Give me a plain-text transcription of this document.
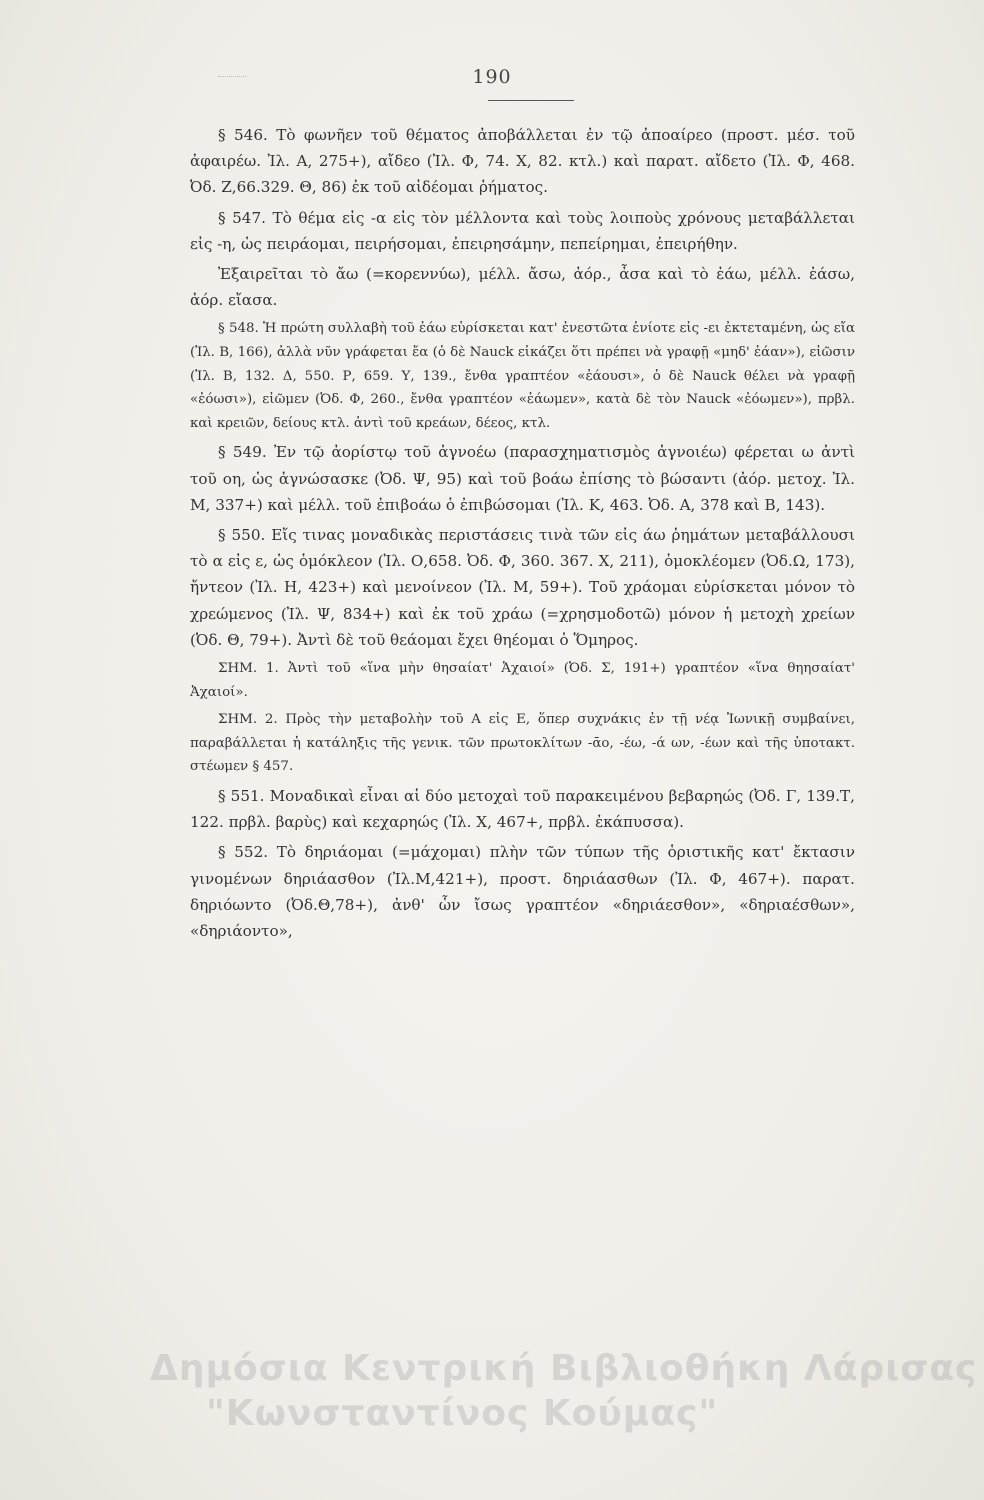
190

§ 546. Τὸ φωνῆεν τοῦ θέματος ἀποβάλλεται ἐν τῷ ἀποαίρεο (προστ. μέσ. τοῦ ἀφαιρέω. Ἰλ. Α, 275+), αἴδεο (Ἰλ. Φ, 74. Χ, 82. κτλ.) καὶ παρατ. αἴδετο (Ἰλ. Φ, 468. Ὀδ. Ζ,66.329. Θ, 86) ἐκ τοῦ αἰδέομαι ῥήματος.

§ 547. Τὸ θέμα εἰς -α εἰς τὸν μέλλοντα καὶ τοὺς λοιποὺς χρόνους μεταβάλλεται εἰς -η, ὡς πειράομαι, πειρήσομαι, ἐπειρησάμην, πεπείρημαι, ἐπειρήθην.

Ἐξαιρεῖται τὸ ἄω (=κορεννύω), μέλλ. ἄσω, ἀόρ., ἆσα καὶ τὸ ἐάω, μέλλ. ἐάσω, ἀόρ. εἴασα.

§ 548. Ἡ πρώτη συλλαβὴ τοῦ ἐάω εὑρίσκεται κατ' ἐνεστῶτα ἐνίοτε εἰς -ει ἐκτεταμένη, ὡς εἴα (Ἰλ. Β, 166), ἀλλὰ νῦν γράφεται ἔα (ὁ δὲ Nauck εἰκάζει ὅτι πρέπει νὰ γραφῇ «μηδ' ἐάαν»), εἰῶσιν (Ἰλ. Β, 132. Δ, 550. Ρ, 659. Υ, 139., ἔνθα γραπτέον «ἐάουσι», ὁ δὲ Nauck θέλει νὰ γραφῇ «ἐόωσι»), εἰῶμεν (Ὀδ. Φ, 260., ἔνθα γραπτέον «ἐάωμεν», κατὰ δὲ τὸν Nauck «ἐόωμεν»), πρβλ. καὶ κρειῶν, δείους κτλ. ἀντὶ τοῦ κρεάων, δέεος, κτλ.

§ 549. Ἐν τῷ ἀορίστῳ τοῦ ἀγνοέω (παρασχηματισμὸς ἀγνοιέω) φέρεται ω ἀντὶ τοῦ οη, ὡς ἀγνώσασκε (Ὀδ. Ψ, 95) καὶ τοῦ βοάω ἐπίσης τὸ βώσαντι (ἀόρ. μετοχ. Ἰλ. Μ, 337+) καὶ μέλλ. τοῦ ἐπιβοάω ὁ ἐπιβώσομαι (Ἰλ. Κ, 463. Ὀδ. Α, 378 καὶ Β, 143).

§ 550. Εἴς τινας μοναδικὰς περιστάσεις τινὰ τῶν εἰς άω ῥημάτων μεταβάλλουσι τὸ α εἰς ε, ὡς ὁμόκλεον (Ἰλ. Ο,658. Ὀδ. Φ, 360. 367. Χ, 211), ὁμοκλέομεν (Ὀδ.Ω, 173), ἤντεον (Ἰλ. Η, 423+) καὶ μενοίνεον (Ἰλ. Μ, 59+). Τοῦ χράομαι εὑρίσκεται μόνον τὸ χρεώμενος (Ἰλ. Ψ, 834+) καὶ ἐκ τοῦ χράω (=χρησμοδοτῶ) μόνον ἡ μετοχὴ χρείων (Ὀδ. Θ, 79+). Ἀντὶ δὲ τοῦ θεάομαι ἔχει θηέομαι ὁ Ὅμηρος.

ΣΗΜ. 1. Ἀντὶ τοῦ «ἵνα μὴν θησαίατ' Ἀχαιοί» (Ὀδ. Σ, 191+) γραπτέον «ἵνα θηησαίατ' Ἀχαιοί».

ΣΗΜ. 2. Πρὸς τὴν μεταβολὴν τοῦ Α εἰς Ε, ὅπερ συχνάκις ἐν τῇ νέᾳ Ἰωνικῇ συμβαίνει, παραβάλλεται ἡ κατάληξις τῆς γενικ. τῶν πρωτοκλίτων -ᾱο, -έω, -ά ων, -έων καὶ τῆς ὑποτακτ. στέωμεν § 457.

§ 551. Μοναδικαὶ εἶναι αἱ δύο μετοχαὶ τοῦ παρακειμένου βεβαρηώς (Ὀδ. Γ, 139.Τ, 122. πρβλ. βαρὺς) καὶ κεχαρηώς (Ἰλ. Χ, 467+, πρβλ. ἐκάπυσσα).

§ 552. Τὸ δηριάομαι (=μάχομαι) πλὴν τῶν τύπων τῆς ὁριστικῆς κατ' ἔκτασιν γινομένων δηριάασθον (Ἰλ.Μ,421+), προστ. δηριάασθων (Ἰλ. Φ, 467+). παρατ. δηριόωντο (Ὀδ.Θ,78+), ἀνθ' ὧν ἴσως γραπτέον «δηριάεσθον», «δηριαέσθων», «δηριάοντο»,

Δημόσια Κεντρική Βιβλιοθήκη Λάρισας
"Κωνσταντίνος Κούμας"
